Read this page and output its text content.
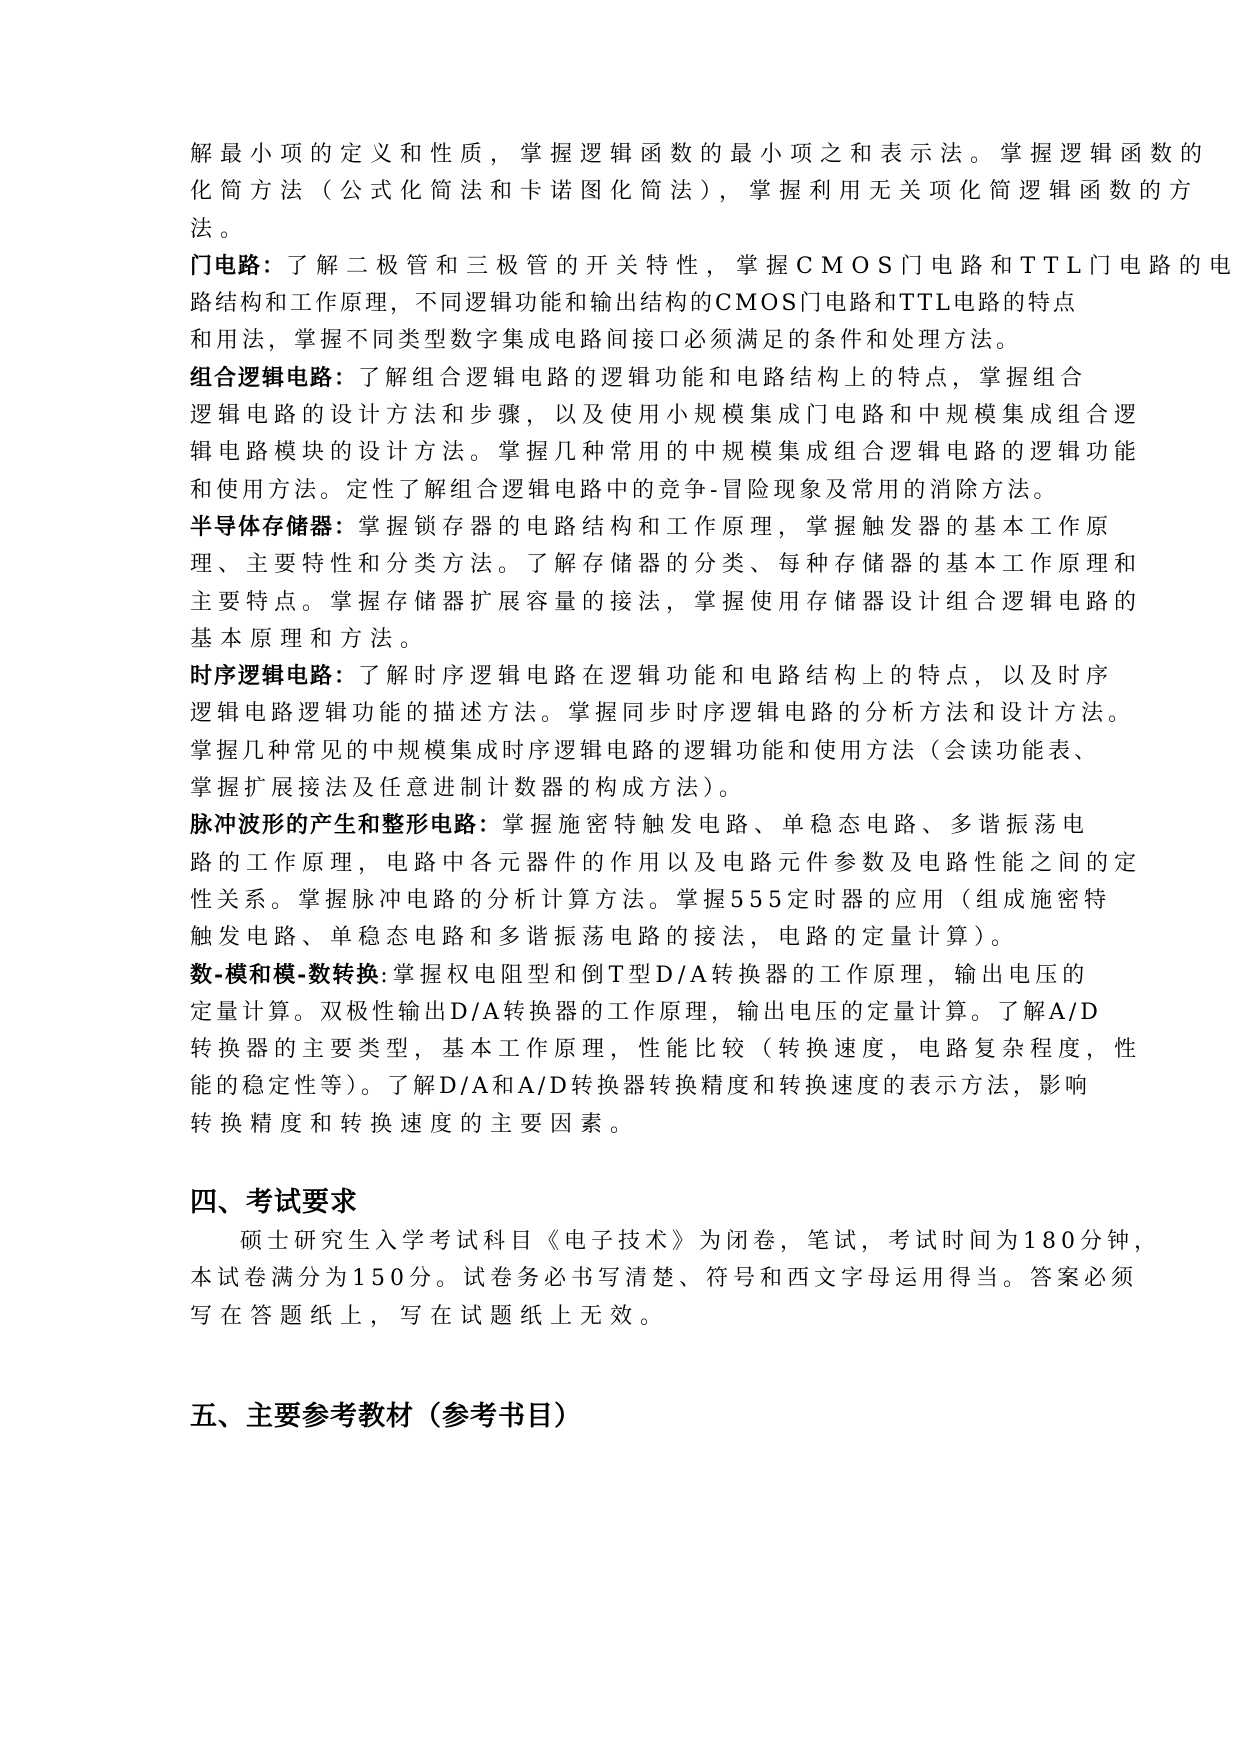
解最小项的定义和性质，掌握逻辑函数的最小项之和表示法。掌握逻辑函数的
化简方法（公式化简法和卡诺图化简法），掌握利用无关项化简逻辑函数的方
法。
门电路：了解二极管和三极管的开关特性，掌握CMOS门电路和TTL门电路的电
路结构和工作原理，不同逻辑功能和输出结构的CMOS门电路和TTL电路的特点
和用法，掌握不同类型数字集成电路间接口必须满足的条件和处理方法。
组合逻辑电路：了解组合逻辑电路的逻辑功能和电路结构上的特点，掌握组合
逻辑电路的设计方法和步骤，以及使用小规模集成门电路和中规模集成组合逻
辑电路模块的设计方法。掌握几种常用的中规模集成组合逻辑电路的逻辑功能
和使用方法。定性了解组合逻辑电路中的竞争-冒险现象及常用的消除方法。
半导体存储器：掌握锁存器的电路结构和工作原理，掌握触发器的基本工作原
理、主要特性和分类方法。了解存储器的分类、每种存储器的基本工作原理和
主要特点。掌握存储器扩展容量的接法，掌握使用存储器设计组合逻辑电路的
基本原理和方法。
时序逻辑电路：了解时序逻辑电路在逻辑功能和电路结构上的特点，以及时序
逻辑电路逻辑功能的描述方法。掌握同步时序逻辑电路的分析方法和设计方法。
掌握几种常见的中规模集成时序逻辑电路的逻辑功能和使用方法（会读功能表、
掌握扩展接法及任意进制计数器的构成方法）。
脉冲波形的产生和整形电路：掌握施密特触发电路、单稳态电路、多谐振荡电
路的工作原理，电路中各元器件的作用以及电路元件参数及电路性能之间的定
性关系。掌握脉冲电路的分析计算方法。掌握555定时器的应用（组成施密特
触发电路、单稳态电路和多谐振荡电路的接法，电路的定量计算）。
数-模和模-数转换:掌握权电阻型和倒T型D/A转换器的工作原理，输出电压的
定量计算。双极性输出D/A转换器的工作原理，输出电压的定量计算。了解A/D
转换器的主要类型，基本工作原理，性能比较（转换速度，电路复杂程度，性
能的稳定性等）。了解D/A和A/D转换器转换精度和转换速度的表示方法，影响
转换精度和转换速度的主要因素。
四、考试要求
硕士研究生入学考试科目《电子技术》为闭卷，笔试，考试时间为180分钟，
本试卷满分为150分。试卷务必书写清楚、符号和西文字母运用得当。答案必须
写在答题纸上，写在试题纸上无效。
五、主要参考教材（参考书目）
